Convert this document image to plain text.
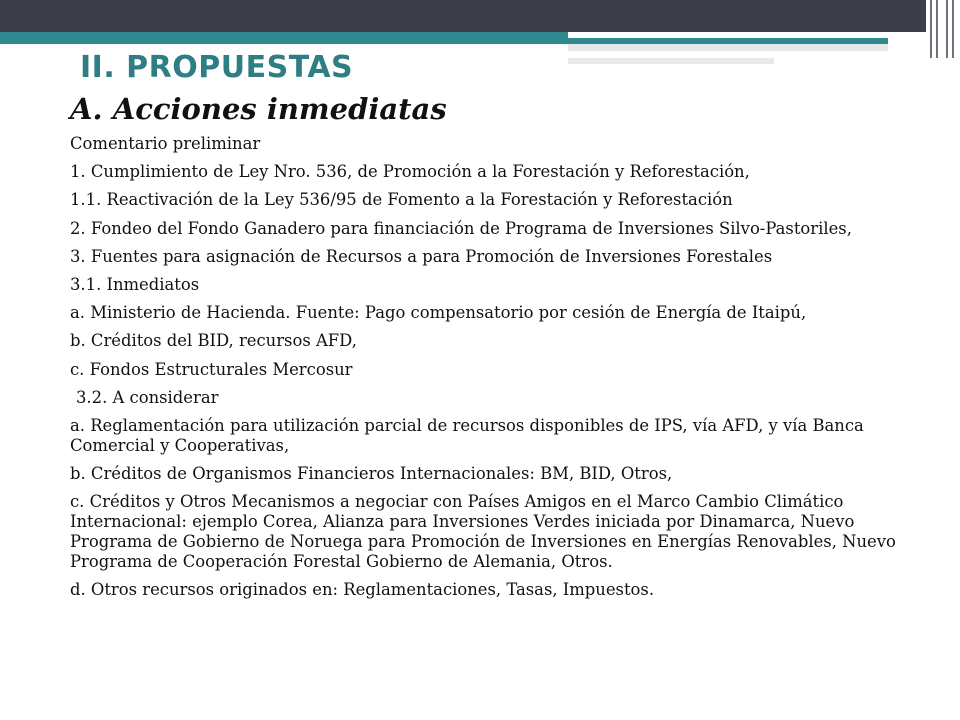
II. PROPUESTAS
A. Acciones inmediatas

Comentario preliminar

1. Cumplimiento de Ley Nro. 536, de Promoción a la Forestación y Reforestación,

1.1. Reactivación de la Ley 536/95 de Fomento a la Forestación y Reforestación

2. Fondeo del Fondo Ganadero para financiación de Programa de Inversiones Silvo-Pastoriles,

3. Fuentes para asignación de Recursos a para Promoción de Inversiones Forestales

3.1. Inmediatos

a. Ministerio de Hacienda. Fuente: Pago compensatorio por cesión de Energía de Itaipú,

b. Créditos del BID, recursos AFD,

c. Fondos Estructurales Mercosur

3.2. A considerar

a. Reglamentación para utilización parcial de recursos disponibles de IPS, vía AFD, y vía Banca Comercial y Cooperativas,

b. Créditos de Organismos Financieros Internacionales: BM, BID, Otros,

c. Créditos y Otros Mecanismos a negociar con Países Amigos en el Marco Cambio Climático Internacional: ejemplo Corea, Alianza para Inversiones Verdes iniciada por Dinamarca, Nuevo Programa de Gobierno de Noruega para Promoción de Inversiones en Energías Renovables, Nuevo Programa de Cooperación Forestal Gobierno de Alemania, Otros.

d. Otros recursos originados en: Reglamentaciones, Tasas, Impuestos.
